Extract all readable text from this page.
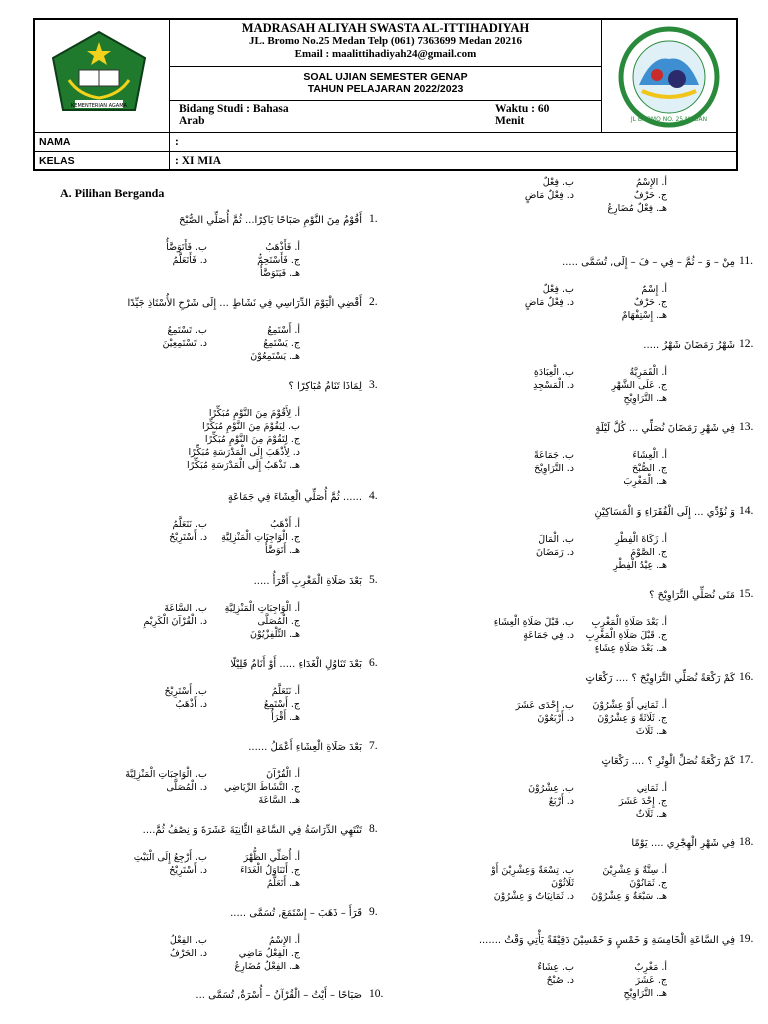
KEMENTERIAN AGAMA
JL BROMO NO. 25 MEDAN
MADRASAH ALIYAH SWASTA AL-ITTIHADIYAH
JL. Bromo No.25 Medan Telp (061) 7363699 Medan 20216
Email : maalittihadiyah24@gmail.com
SOAL UJIAN SEMESTER GENAP
TAHUN PELAJARAN 2022/2023
Bidang Studi : Bahasa
Arab
Waktu : 60
Menit
NAMA	:
KELAS	: XI MIA
A. Pilihan Berganda
1.
أَقُوْمُ مِنَ النَّوْمِ صَبَاحًا بَاكِرًا... ثُمَّ أُصَلِّي الصُّبْحَ
أ. فَأَذْهَبُ
ب. فَأَتَوَضَّأُ
ج. فَأَسْتَحِمُّ
د. فَأَتَعَلَّمُ
هـ. فَيَتَوَضَّأُ
2.
أَقْضِي الْيَوْمَ الدِّرَاسِي فِي نَشَاطٍ ... إِلَى شَرْحِ الأُسْتَاذِ جَيِّدًا
أ. أَسْتَمِعُ
ب. تَسْتَمِعُ
ج. يَسْتَمِعُ
د. تَسْتَمِعِيْنَ
هـ. يَسْتَمِعُوْنَ
3.
لِمَاذَا تَنَامُ مُبَاكِرًا ؟
أ. لِأَقُوْمَ مِنَ النَّوْمِ مُبَكِّرًا
ب. لِيَقُوْمَ مِنَ النَّوْمِ مُبَكِّرًا
ج. لِتَقُوْمَ مِنَ النَّوْمِ مُبَكِّرًا
د. لِأَذْهَبَ إِلَى الْمَدْرَسَةِ مُبَكِّرًا
هـ. تَذْهَبُ إِلَى الْمَدْرَسَةِ مُبَكِّرًا
4.
...... ثُمَّ أُصَلِّي الْعِشَاءَ فِي جَمَاعَةٍ
أ. أَذْهَبُ
ب. نَتَعَلَّمُ
ج. الْوَاجِبَاتِ الْمَنْزِلِيَّةِ
د. أَسْتَرِيْحُ
هـ. أَتَوَضَّأُ
5.
بَعْدَ صَلَاةِ الْمَغْرِبِ أَقْرَأُ .....
أ. الْوَاجِبَاتِ الْمَنْزِلِيَّةِ
ب. السَّاعَةَ
ج. الْمُصَلَّى
د. الْقُرْآنَ الْكَرِيْمِ
هـ. التِّلْفِزْيُوْنَ
6.
بَعْدَ تَنَاوُلِ الْغَدَاءِ ..... أَوْ أَنَامُ قَلِيْلًا
أ. نَتَعَلَّمُ
ب. أَسْتَرِيْحُ
ج. أَسْتَمِعُ
د. أَذْهَبُ
هـ. أَقْرَأُ
7.
بَعْدَ صَلَاةِ الْعِشَاءِ أَعْمَلُ ......
أ. الْقُرْآنَ
ب. الْوَاجِبَاتِ الْمَنْزِلِيَّةَ
ج. النَّشَاطَ الرِّيَاضِي
د. الْمُصَلَّى
هـ. السَّاعَةَ
8.
تَنْتَهِي الدِّرَاسَةُ فِي السَّاعَةِ الثَّانِيَةَ عَشَرَةَ وَ نِصْفُ ثُمَّ....
أ. أُصَلِّي الظُّهْرَ
ب. أَرْجِعُ إِلَى الْبَيْتِ
ج. أَتَنَاوَلُ الْغَدَاءَ
د. أَسْتَرِيْحُ
هـ. أَتَعَلَّمُ
9.
قَرَأَ – ذَهَبَ – إِسْتَمَعَ, تُسَمَّى .....
أ. الإِسْمُ
ب. الفِعْلُ
ج. الفِعْلُ مَاضِي
د. الحَرْفُ
هـ. الفِعْلُ مُضَارِعُ
10.
صَبَاحًا – أَيْتُ – الْقُرْآنُ – أُسْرَةٌ, تُسَمَّى ...
أ. الإِسْمُ
ب. فِعْلٌ
ج. حَرْفٌ
د. فِعْلٌ مَاضٍ
هـ. فِعْلٌ مُضَارِعُ
11.
مِنْ – وَ – ثُمَّ – فِي – فَ – إِلَى, تُسَمَّى .....
أ. إِسْمٌ
ب. فِعْلٌ
ج. حَرْفٌ
د. فِعْلٌ مَاضٍ
هـ. إِسْتِفْهَامٌ
12.
شَهْرُ رَمَضَانَ شَهْرُ .....
أ. الْقَمَرِيَّةُ
ب. الْعِبَادَةِ
ج. عَلَى الشَّهْرِ
د. الْمَسْجِدِ
هـ. التَّرَاوِيْحِ
13.
فِي شَهْرِ رَمَضَانَ نُصَلِّي ... كُلَّ لَيْلَةٍ
أ. الْعِشَاءَ
ب. جَمَاعَةً
ج. الصُّبْحَ
د. التَّرَاوِيْحَ
هـ. الْمَغْرِبَ
14.
وَ نُؤَدِّي ... إِلَى الْفُقَرَاءِ وَ الْمَسَاكِيْنِ
أ. زَكَاةَ الْفِطْرِ
ب. الْمَالَ
ج. الصَّوْمَ
د. رَمَضَانَ
هـ. عِيْدُ الْفِطْرِ
15.
مَتَى نُصَلِّي التَّرَاوِيْحَ ؟
أ. بَعْدَ صَلَاةِ الْمَغْرِبِ
ب. قَبْلَ صَلَاةِ الْعِشَاءِ
ج. قَبْلَ صَلَاةِ الْمَغْرِبِ
د. فِي جَمَاعَةٍ
هـ. بَعْدَ صَلَاةِ عِشَاءٍ
16.
كَمْ رَكْعَةً نُصَلِّي التَّرَاوِيْحَ ؟ .... رَكْعَاتٍ
أ. ثَمَانِي أَوْ عِشْرُوْنَ
ب. إِحْدَى عَشَرَ
ج. ثَلَاثَةً وَ عِشْرُوْنَ
د. أَرْبَعُوْنَ
هـ. ثَلَاثَ
17.
كَمْ رَكْعَةً نُصَلِّ الْوِتْرِ ؟ .... رَكْعَاتٍ
أ. ثَمَانِي
ب. عِشْرُوْنَ
ج. إِحْدَ عَشَرَ
د. أَرْبَعٌ
هـ. ثَلَاثٌ
18.
فِي شَهْرِ الْهِجْرِي .... يَوْمًا
أ. سِتَّةٌ وَ عِشْرِيْنَ
ب. تِسْعَةٌ وَعِشْرِيْنَ أَوْ
ج. ثَمَانُوْنَ
ثَلَاثُوْنَ
هـ. سَبْعَةٌ وَ عِشْرُوْنَ
د. ثَمَانِيَاتٌ وَ عِشْرُوْنَ
19.
فِي السَّاعَةِ الْخَامِسَةِ وَ خَمْسٍ وَ خَمْسِيْنَ دَقِيْقَةً يَأْتِي وَقْتُ .......
أ. مَغْرِبٌ
ب. عِشَاءٌ
ج. عَشَرَ
د. صُبْحٌ
هـ. التَّرَاوِيْحِ
